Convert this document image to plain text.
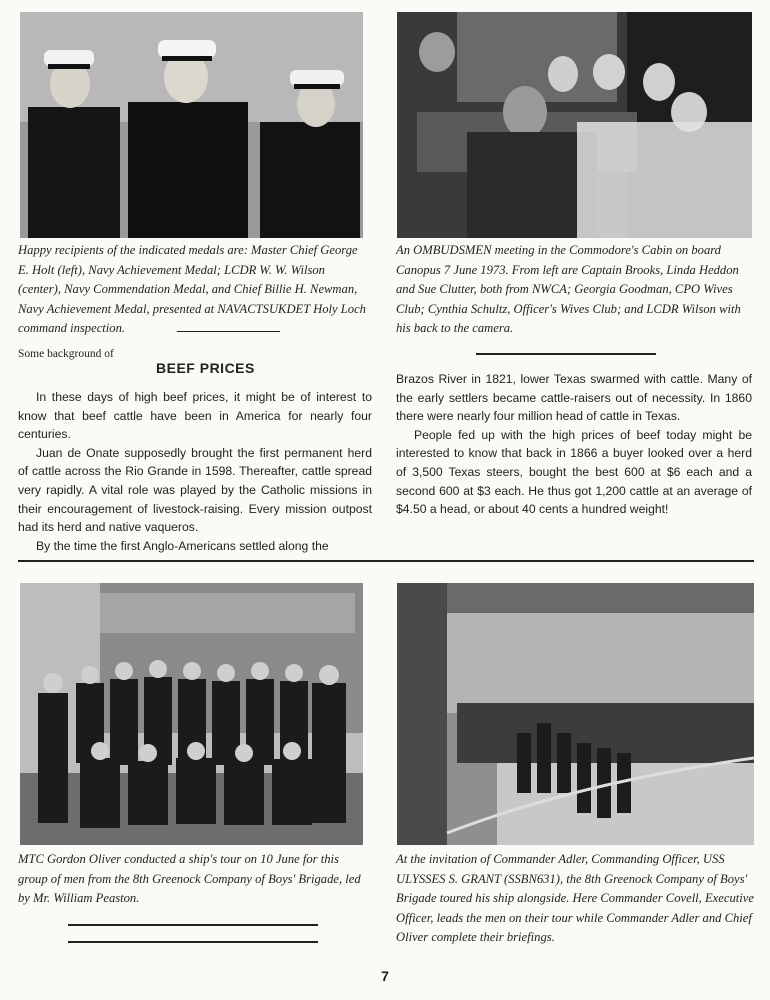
Happy recipients of the indicated medals are: Master Chief George E. Holt (left), Navy Achievement Medal; LCDR W. W. Wilson (center), Navy Commendation Medal, and Chief Billie H. Newman, Navy Achievement Medal, presented at NAVACTSUKDET Holy Loch command inspection.

An OMBUDSMEN meeting in the Commodore's Cabin on board Canopus 7 June 1973. From left are Captain Brooks, Linda Heddon and Sue Clutter, both from NWCA; Georgia Goodman, CPO Wives Club; Cynthia Schultz, Officer's Wives Club; and LCDR Wilson with his back to the camera.

Some background of
BEEF PRICES

In these days of high beef prices, it might be of interest to know that beef cattle have been in America for nearly four centuries.

Juan de Onate supposedly brought the first permanent herd of cattle across the Rio Grande in 1598. Thereafter, cattle spread very rapidly. A vital role was played by the Catholic missions in their encouragement of livestock-raising. Every mission outpost had its herd and native vaqueros.

By the time the first Anglo-Americans settled along the

Brazos River in 1821, lower Texas swarmed with cattle. Many of the early settlers became cattle-raisers out of necessity. In 1860 there were nearly four million head of cattle in Texas.

People fed up with the high prices of beef today might be interested to know that back in 1866 a buyer looked over a herd of 3,500 Texas steers, bought the best 600 at $6 each and a second 600 at $3 each. He thus got 1,200 cattle at an average of $4.50 a head, or about 40 cents a hundred weight!

MTC Gordon Oliver conducted a ship's tour on 10 June for this group of men from the 8th Greenock Company of Boys' Brigade, led by Mr. William Peaston.

At the invitation of Commander Adler, Commanding Officer, USS ULYSSES S. GRANT (SSBN631), the 8th Greenock Company of Boys' Brigade toured his ship alongside. Here Commander Covell, Executive Officer, leads the men on their tour while Commander Adler and Chief Oliver complete their briefings.

7
